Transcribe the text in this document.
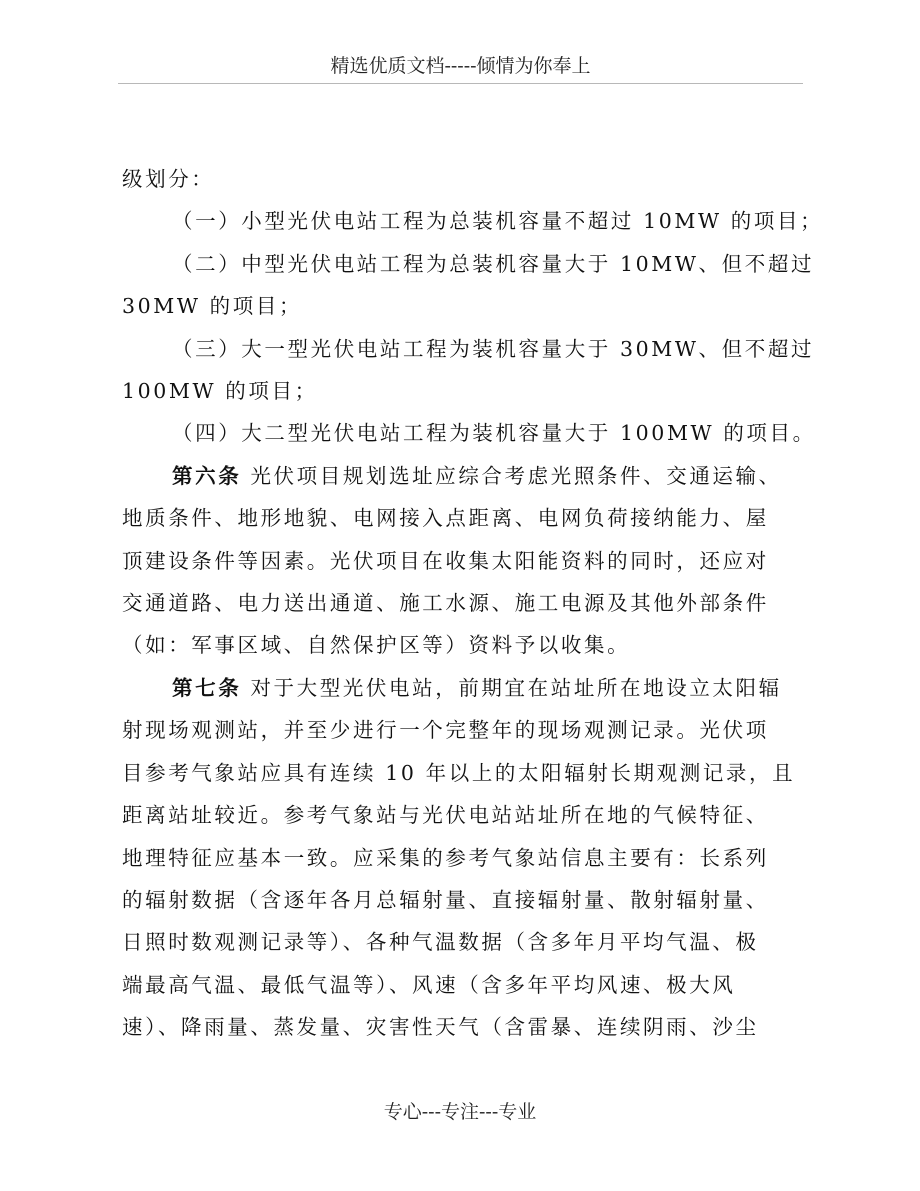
精选优质文档-----倾情为你奉上
级划分：
（一）小型光伏电站工程为总装机容量不超过 10MW 的项目；
（二）中型光伏电站工程为总装机容量大于 10MW、但不超过
30MW 的项目；
（三）大一型光伏电站工程为装机容量大于 30MW、但不超过
100MW 的项目；
（四）大二型光伏电站工程为装机容量大于 100MW 的项目。
第六条 光伏项目规划选址应综合考虑光照条件、交通运输、
地质条件、地形地貌、电网接入点距离、电网负荷接纳能力、屋
顶建设条件等因素。光伏项目在收集太阳能资料的同时，还应对
交通道路、电力送出通道、施工水源、施工电源及其他外部条件
（如：军事区域、自然保护区等）资料予以收集。
第七条 对于大型光伏电站，前期宜在站址所在地设立太阳辐
射现场观测站，并至少进行一个完整年的现场观测记录。光伏项
目参考气象站应具有连续 10 年以上的太阳辐射长期观测记录，且
距离站址较近。参考气象站与光伏电站站址所在地的气候特征、
地理特征应基本一致。应采集的参考气象站信息主要有：长系列
的辐射数据（含逐年各月总辐射量、直接辐射量、散射辐射量、
日照时数观测记录等）、各种气温数据（含多年月平均气温、极
端最高气温、最低气温等）、风速（含多年平均风速、极大风
速）、降雨量、蒸发量、灾害性天气（含雷暴、连续阴雨、沙尘
专心---专注---专业
